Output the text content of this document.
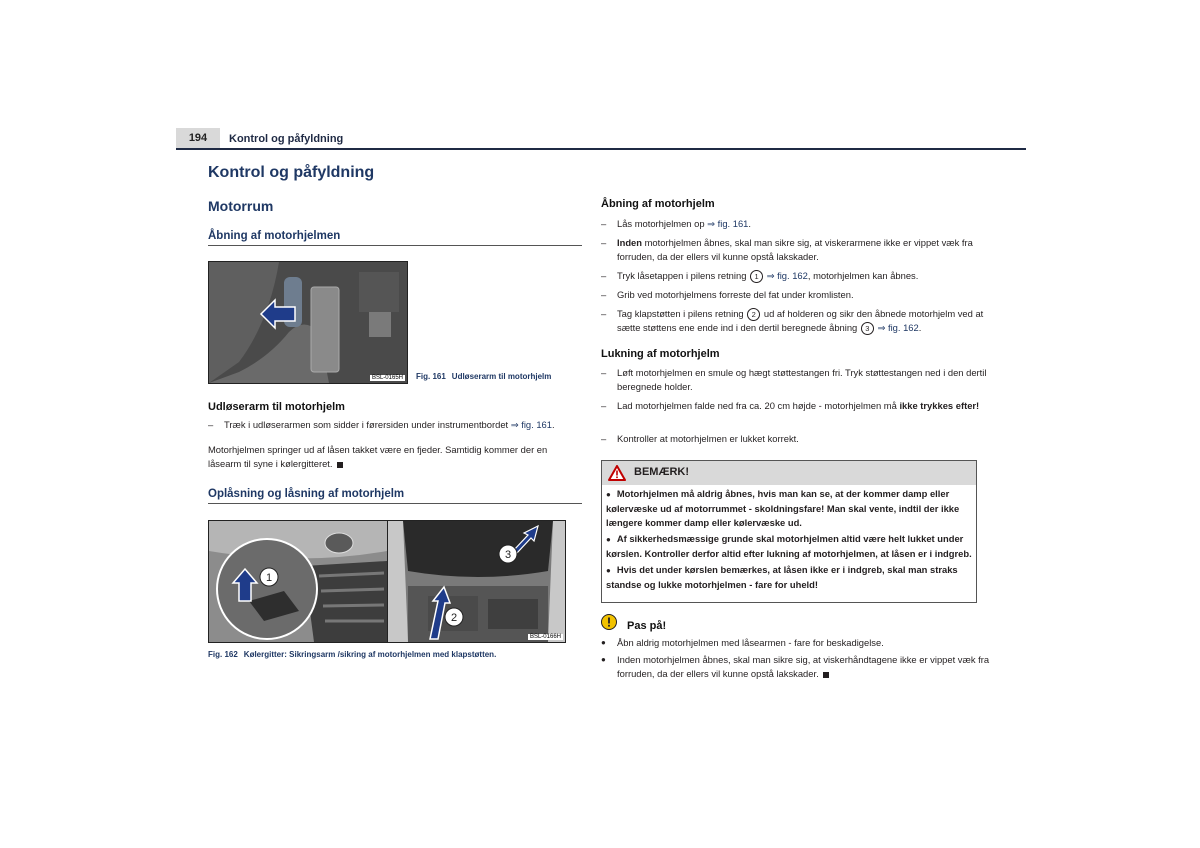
194	Kontrol og påfyldning
Kontrol og påfyldning
Motorrum
Åbning af motorhjelmen
BSL-0165H Fig. 161 Udløserarm til motorhjelm
Udløserarm til motorhjelm
– Træk i udløserarmen som sidder i førersiden under instrumentbordet ⇒ fig. 161.
Motorhjelmen springer ud af låsen takket være en fjeder. Samtidig kommer der en låsearm til syne i kølergitteret.
Oplåsning og låsning af motorhjelm
1
2
3
BSL-0166H
Fig. 162 Kølergitter: Sikringsarm /sikring af motorhjelmen med klapstøtten.
Åbning af motorhjelm
– Lås motorhjelmen op ⇒ fig. 161.
– Inden motorhjelmen åbnes, skal man sikre sig, at viskerarmene ikke er vippet væk fra forruden, da der ellers vil kunne opstå lakskader.
– Tryk låsetappen i pilens retning 1 ⇒ fig. 162, motorhjelmen kan åbnes.
– Grib ved motorhjelmens forreste del fat under kromlisten.
– Tag klapstøtten i pilens retning 2 ud af holderen og sikr den åbnede motorhjelm ved at sætte støttens ene ende ind i den dertil beregnede åbning 3 ⇒ fig. 162.
Lukning af motorhjelm
– Løft motorhjelmen en smule og hægt støttestangen fri. Tryk støttestangen ned i den dertil beregnede holder.
– Lad motorhjelmen falde ned fra ca. 20 cm højde - motorhjelmen må ikke trykkes efter!
– Kontroller at motorhjelmen er lukket korrekt.
BEMÆRK!

● Motorhjelmen må aldrig åbnes, hvis man kan se, at der kommer damp eller kølervæske ud af motorrummet - skoldningsfare! Man skal vente, indtil der ikke længere kommer damp eller kølervæske ud.

● Af sikkerhedsmæssige grunde skal motorhjelmen altid være helt lukket under kørslen. Kontroller derfor altid efter lukning af motorhjelmen, at låsen er i indgreb.

● Hvis det under kørslen bemærkes, at låsen ikke er i indgreb, skal man straks standse og lukke motorhjelmen - fare for uheld!

Pas på!
● Åbn aldrig motorhjelmen med låsearmen - fare for beskadigelse.
● Inden motorhjelmen åbnes, skal man sikre sig, at viskerhåndtagene ikke er vippet væk fra forruden, da der ellers vil kunne opstå lakskader.
